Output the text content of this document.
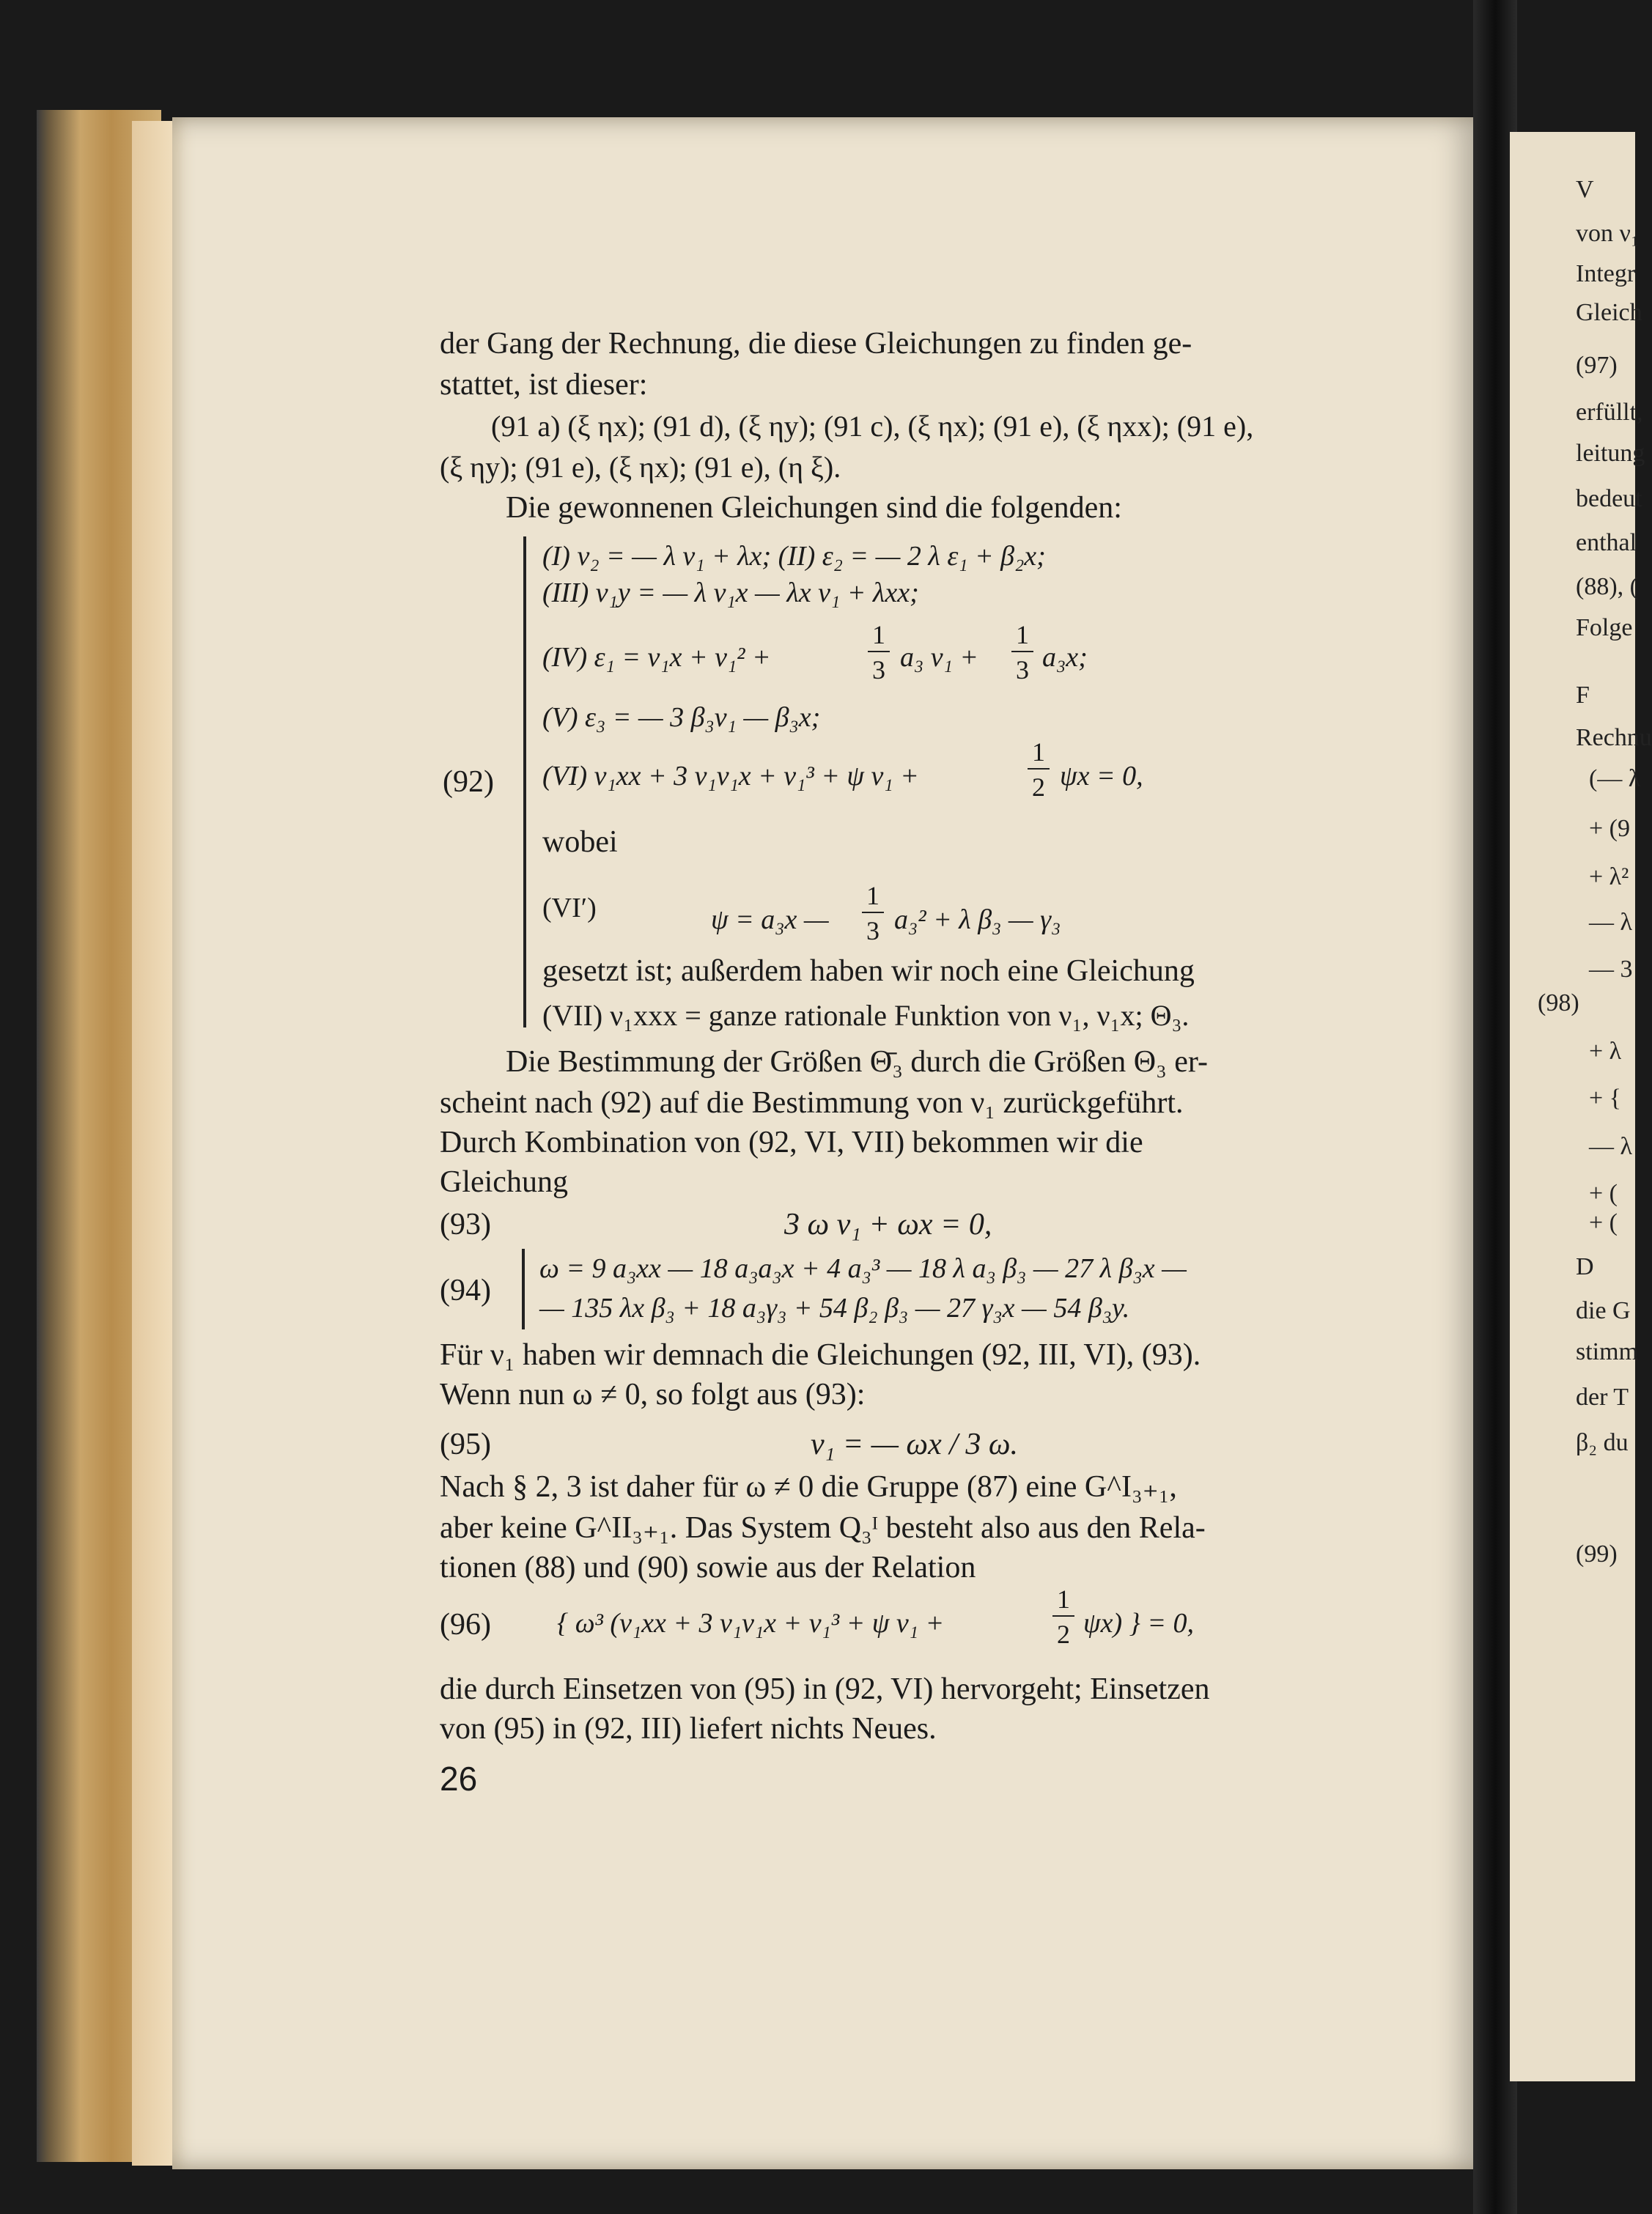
V
von ν₁
Integr
Gleich
(97)
erfüllt,
leitung
bedeut
enthal
(88), (
Folge
F
Rechnu
(— λ
+ (9
+ λ²
— λ
— 3
(98)
+ λ
+ {
— λ
+ (
+ (
D
die G
stimm
der T
β₂ du
(99)
der Gang der Rechnung, die diese Gleichungen zu finden ge-
stattet, ist dieser:
(91 a) (ξ ηx); (91 d), (ξ ηy); (91 c), (ξ ηx); (91 e), (ξ ηxx); (91 e),
(ξ ηy); (91 e), (ξ ηx); (91 e), (η ξ).
Die gewonnenen Gleichungen sind die folgenden:
(92)
(I) ν₂ = — λ ν₁ + λx; (II) ε₂ = — 2 λ ε₁ + β₂x;
(III) ν₁y = — λ ν₁x — λx ν₁ + λxx;
(IV) ε₁ = ν₁x + ν₁² +
1
3 a₃ ν₁ +
1
3 a₃x;
(V) ε₃ = — 3 β₃ν₁ — β₃x;
(VI) ν₁xx + 3 ν₁ν₁x + ν₁³ + ψ ν₁ +
1
2 ψx = 0,
wobei
(VI′)	ψ = a₃x —
1
3 a₃² + λ β₃ — γ₃
gesetzt ist; außerdem haben wir noch eine Gleichung
(VII) ν₁xxx = ganze rationale Funktion von ν₁, ν₁x; Θ₃.
Die Bestimmung der Größen Θ̄₃ durch die Größen Θ₃ er-
scheint nach (92) auf die Bestimmung von ν₁ zurückgeführt.
Durch Kombination von (92, VI, VII) bekommen wir die
Gleichung
(93)	3 ω ν₁ + ωx = 0,
(94)
ω = 9 a₃xx — 18 a₃a₃x + 4 a₃³ — 18 λ a₃ β₃ — 27 λ β₃x —
— 135 λx β₃ + 18 a₃γ₃ + 54 β₂ β₃ — 27 γ₃x — 54 β₃y.
Für ν₁ haben wir demnach die Gleichungen (92, III, VI), (93).
Wenn nun ω ≠ 0, so folgt aus (93):
(95)	ν₁ = — ωx / 3 ω.
Nach § 2, 3 ist daher für ω ≠ 0 die Gruppe (87) eine G^I₃₊₁,
aber keine G^II₃₊₁. Das System Q₃ᴵ besteht also aus den Rela-
tionen (88) und (90) sowie aus der Relation
(96) { ω³ (ν₁xx + 3 ν₁ν₁x + ν₁³ + ψ ν₁ +
1
2 ψx) } = 0,
die durch Einsetzen von (95) in (92, VI) hervorgeht; Einsetzen
von (95) in (92, III) liefert nichts Neues.
26
